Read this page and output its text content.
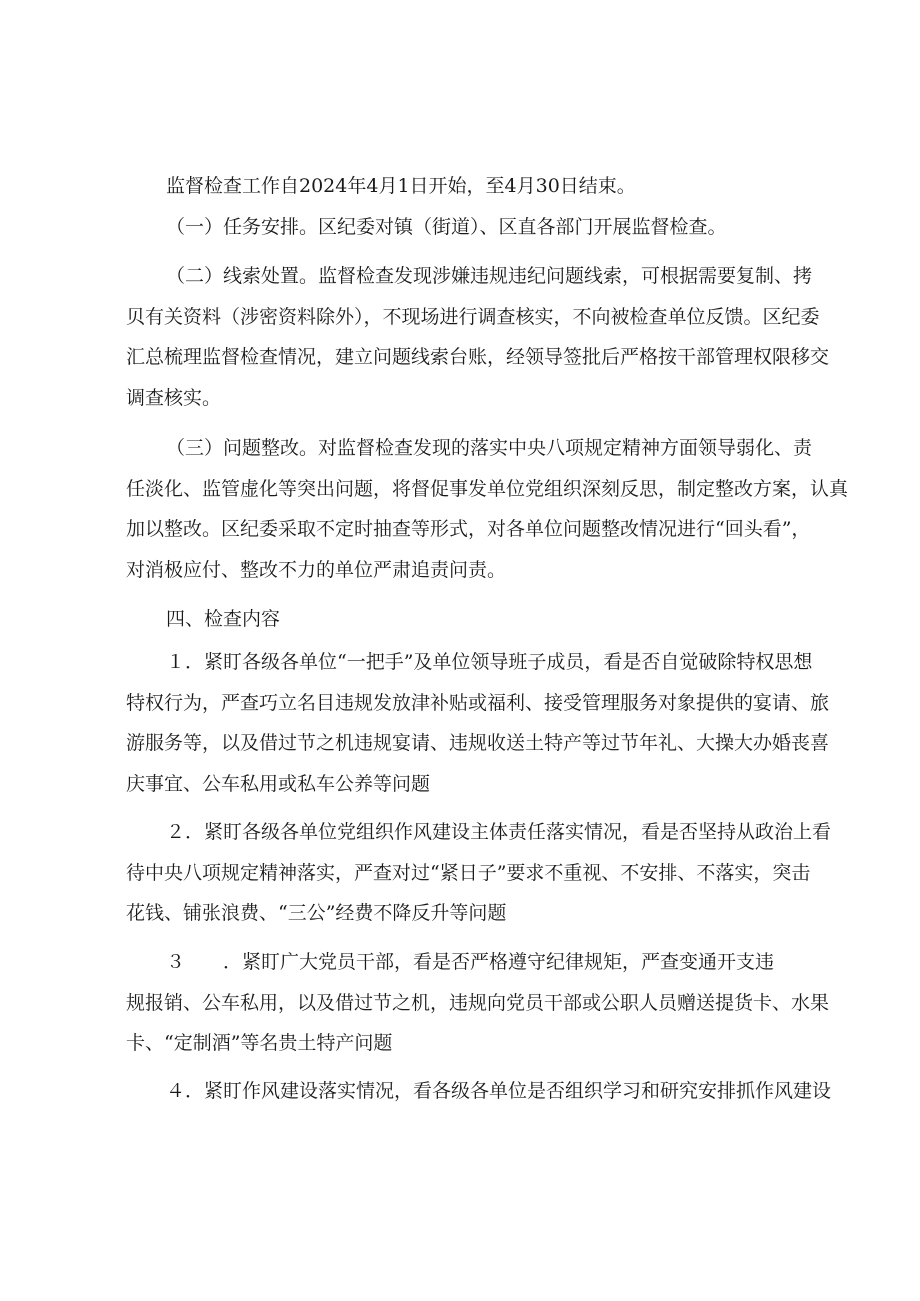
监督检查工作自2024年4月1日开始，至4月30日结束。
（一）任务安排。区纪委对镇（街道）、区直各部门开展监督检查。
（二）线索处置。监督检查发现涉嫌违规违纪问题线索，可根据需要复制、拷
贝有关资料（涉密资料除外），不现场进行调查核实，不向被检查单位反馈。区纪委
汇总梳理监督检查情况，建立问题线索台账，经领导签批后严格按干部管理权限移交
调查核实。
（三）问题整改。对监督检查发现的落实中央八项规定精神方面领导弱化、责
任淡化、监管虚化等突出问题，将督促事发单位党组织深刻反思，制定整改方案，认真
加以整改。区纪委采取不定时抽查等形式，对各单位问题整改情况进行“回头看”，
对消极应付、整改不力的单位严肃追责问责。
四、检查内容
１．紧盯各级各单位“一把手”及单位领导班子成员，看是否自觉破除特权思想
特权行为，严查巧立名目违规发放津补贴或福利、接受管理服务对象提供的宴请、旅
游服务等，以及借过节之机违规宴请、违规收送土特产等过节年礼、大操大办婚丧喜
庆事宜、公车私用或私车公养等问题
２．紧盯各级各单位党组织作风建设主体责任落实情况，看是否坚持从政治上看
待中央八项规定精神落实，严查对过“紧日子”要求不重视、不安排、不落实，突击
花钱、铺张浪费、“三公”经费不降反升等问题
３　　．紧盯广大党员干部，看是否严格遵守纪律规矩，严查变通开支违
规报销、公车私用，以及借过节之机，违规向党员干部或公职人员赠送提货卡、水果
卡、“定制酒”等名贵土特产问题
４．紧盯作风建设落实情况，看各级各单位是否组织学习和研究安排抓作风建设
